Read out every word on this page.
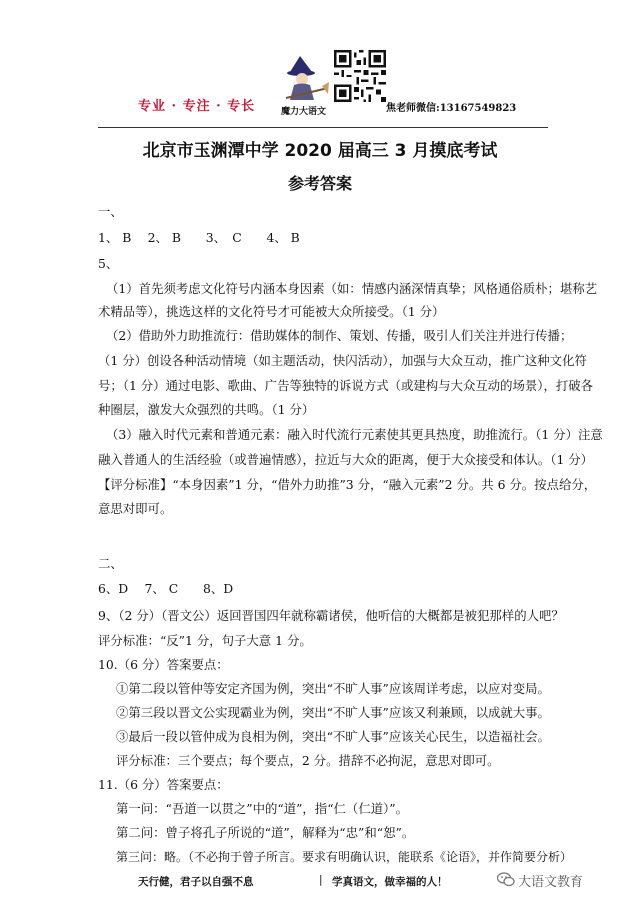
专业 · 专注 · 专长	魔力大语文	焦老师微信:13167549823
北京市玉渊潭中学 2020 届高三 3 月摸底考试
参考答案
一、
1、 B　 2、 B　　3、　C　　4、 B
5、
（1）首先须考虑文化符号内涵本身因素（如：情感内涵深情真挚；风格通俗质朴；堪称艺
术精品等），挑选这样的文化符号才可能被大众所接受。（1 分）
（2）借助外力助推流行：借助媒体的制作、策划、传播，吸引人们关注并进行传播；
（1 分）创设各种活动情境（如主题活动，快闪活动），加强与大众互动，推广这种文化符
号；（1 分）通过电影、歌曲、广告等独特的诉说方式（或建构与大众互动的场景），打破各
种圈层，激发大众强烈的共鸣。（1 分）
（3）融入时代元素和普通元素：融入时代流行元素使其更具热度，助推流行。（1 分）注意
融入普通人的生活经验（或普遍情感），拉近与大众的距离，便于大众接受和体认。（1 分）
【评分标准】“本身因素”1 分，“借外力助推”3 分，“融入元素”2 分。共 6 分。按点给分，
意思对即可。
二、
6、D　 7、 C　　8、D
9、（2 分）（晋文公）返回晋国四年就称霸诸侯，他听信的大概都是被犯那样的人吧？
评分标准：“反”1 分，句子大意 1 分。
10.（6 分）答案要点：
①第二段以管仲等安定齐国为例，突出“不旷人事”应该周详考虑，以应对变局。
②第三段以晋文公实现霸业为例，突出“不旷人事”应该又利兼顾，以成就大事。
③最后一段以管仲成为良相为例，突出“不旷人事”应该关心民生，以造福社会。
评分标准：三个要点；每个要点，2 分。措辞不必拘泥，意思对即可。
11.（6 分）答案要点：
第一问：“吾道一以贯之”中的“道”，指“仁（仁道）”。
第二问：曾子将孔子所说的“道”，解释为“忠”和“恕”。
第三问：略。（不必拘于曾子所言。要求有明确认识，能联系《论语》，并作简要分析）
天行健，君子以自强不息	| 学真语文，做幸福的人！	大语文教育
